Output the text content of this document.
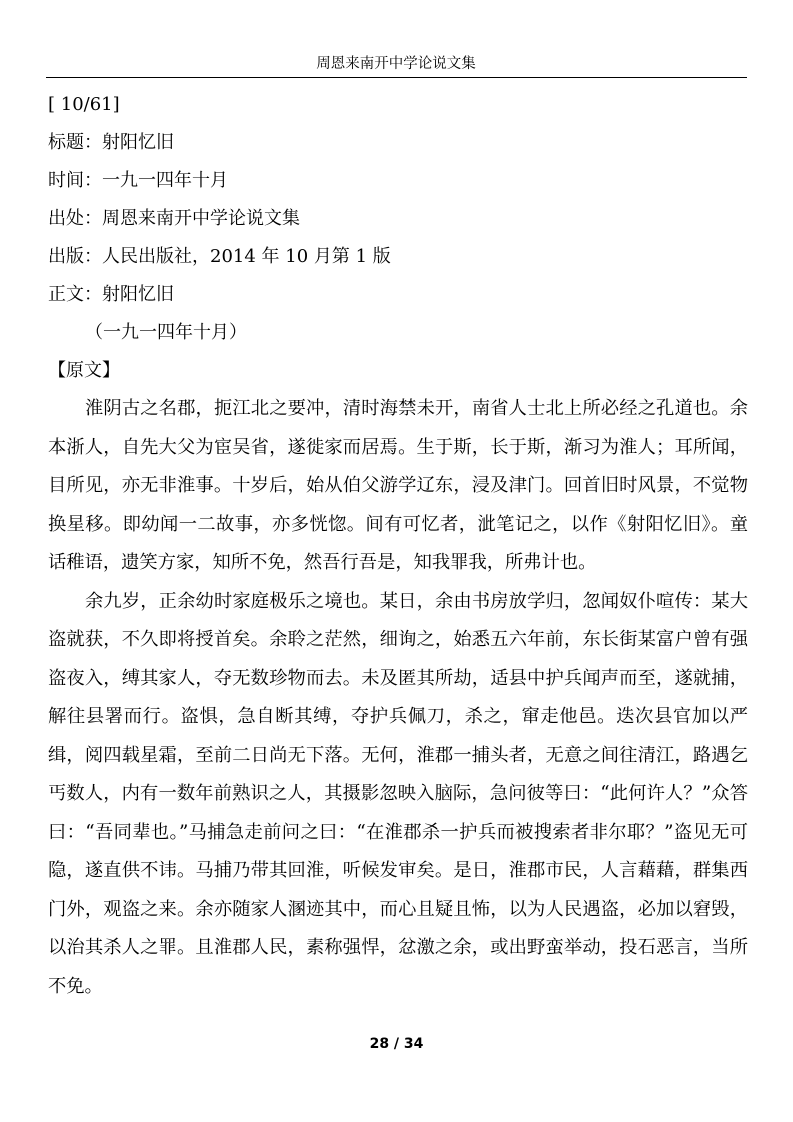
周恩来南开中学论说文集
[ 10/61]
标题：射阳忆旧
时间：一九一四年十月
出处：周恩来南开中学论说文集
出版：人民出版社，2014 年 10 月第 1 版
正文：射阳忆旧
（一九一四年十月）
【原文】

淮阴古之名郡，扼江北之要冲，清时海禁未开，南省人士北上所必经之孔道也。余本浙人，自先大父为宦吴省，遂徙家而居焉。生于斯，长于斯，渐习为淮人；耳所闻，目所见，亦无非淮事。十岁后，始从伯父游学辽东，浸及津门。回首旧时风景，不觉物换星移。即幼闻一二故事，亦多恍惚。间有可忆者，泚笔记之，以作《射阳忆旧》。童话稚语，遗笑方家，知所不免，然吾行吾是，知我罪我，所弗计也。

余九岁，正余幼时家庭极乐之境也。某日，余由书房放学归，忽闻奴仆喧传：某大盗就获，不久即将授首矣。余聆之茫然，细询之，始悉五六年前，东长街某富户曾有强盗夜入，缚其家人，夺无数珍物而去。未及匿其所劫，适县中护兵闻声而至，遂就捕，解往县署而行。盗惧，急自断其缚，夺护兵佩刀，杀之，窜走他邑。迭次县官加以严缉，阅四载星霜，至前二日尚无下落。无何，淮郡一捕头者，无意之间往清江，路遇乞丐数人，内有一数年前熟识之人，其摄影忽映入脑际，急问彼等曰：“此何许人？”众答曰：“吾同辈也。”马捕急走前问之曰：“在淮郡杀一护兵而被搜索者非尔耶？”盗见无可隐，遂直供不讳。马捕乃带其回淮，听候发审矣。是日，淮郡市民，人言藉藉，群集西门外，观盗之来。余亦随家人溷迹其中，而心且疑且怖，以为人民遇盗，必加以窘毁，以治其杀人之罪。且淮郡人民，素称强悍，忿激之余，或出野蛮举动，投石恶言，当所不免。

28 / 34
